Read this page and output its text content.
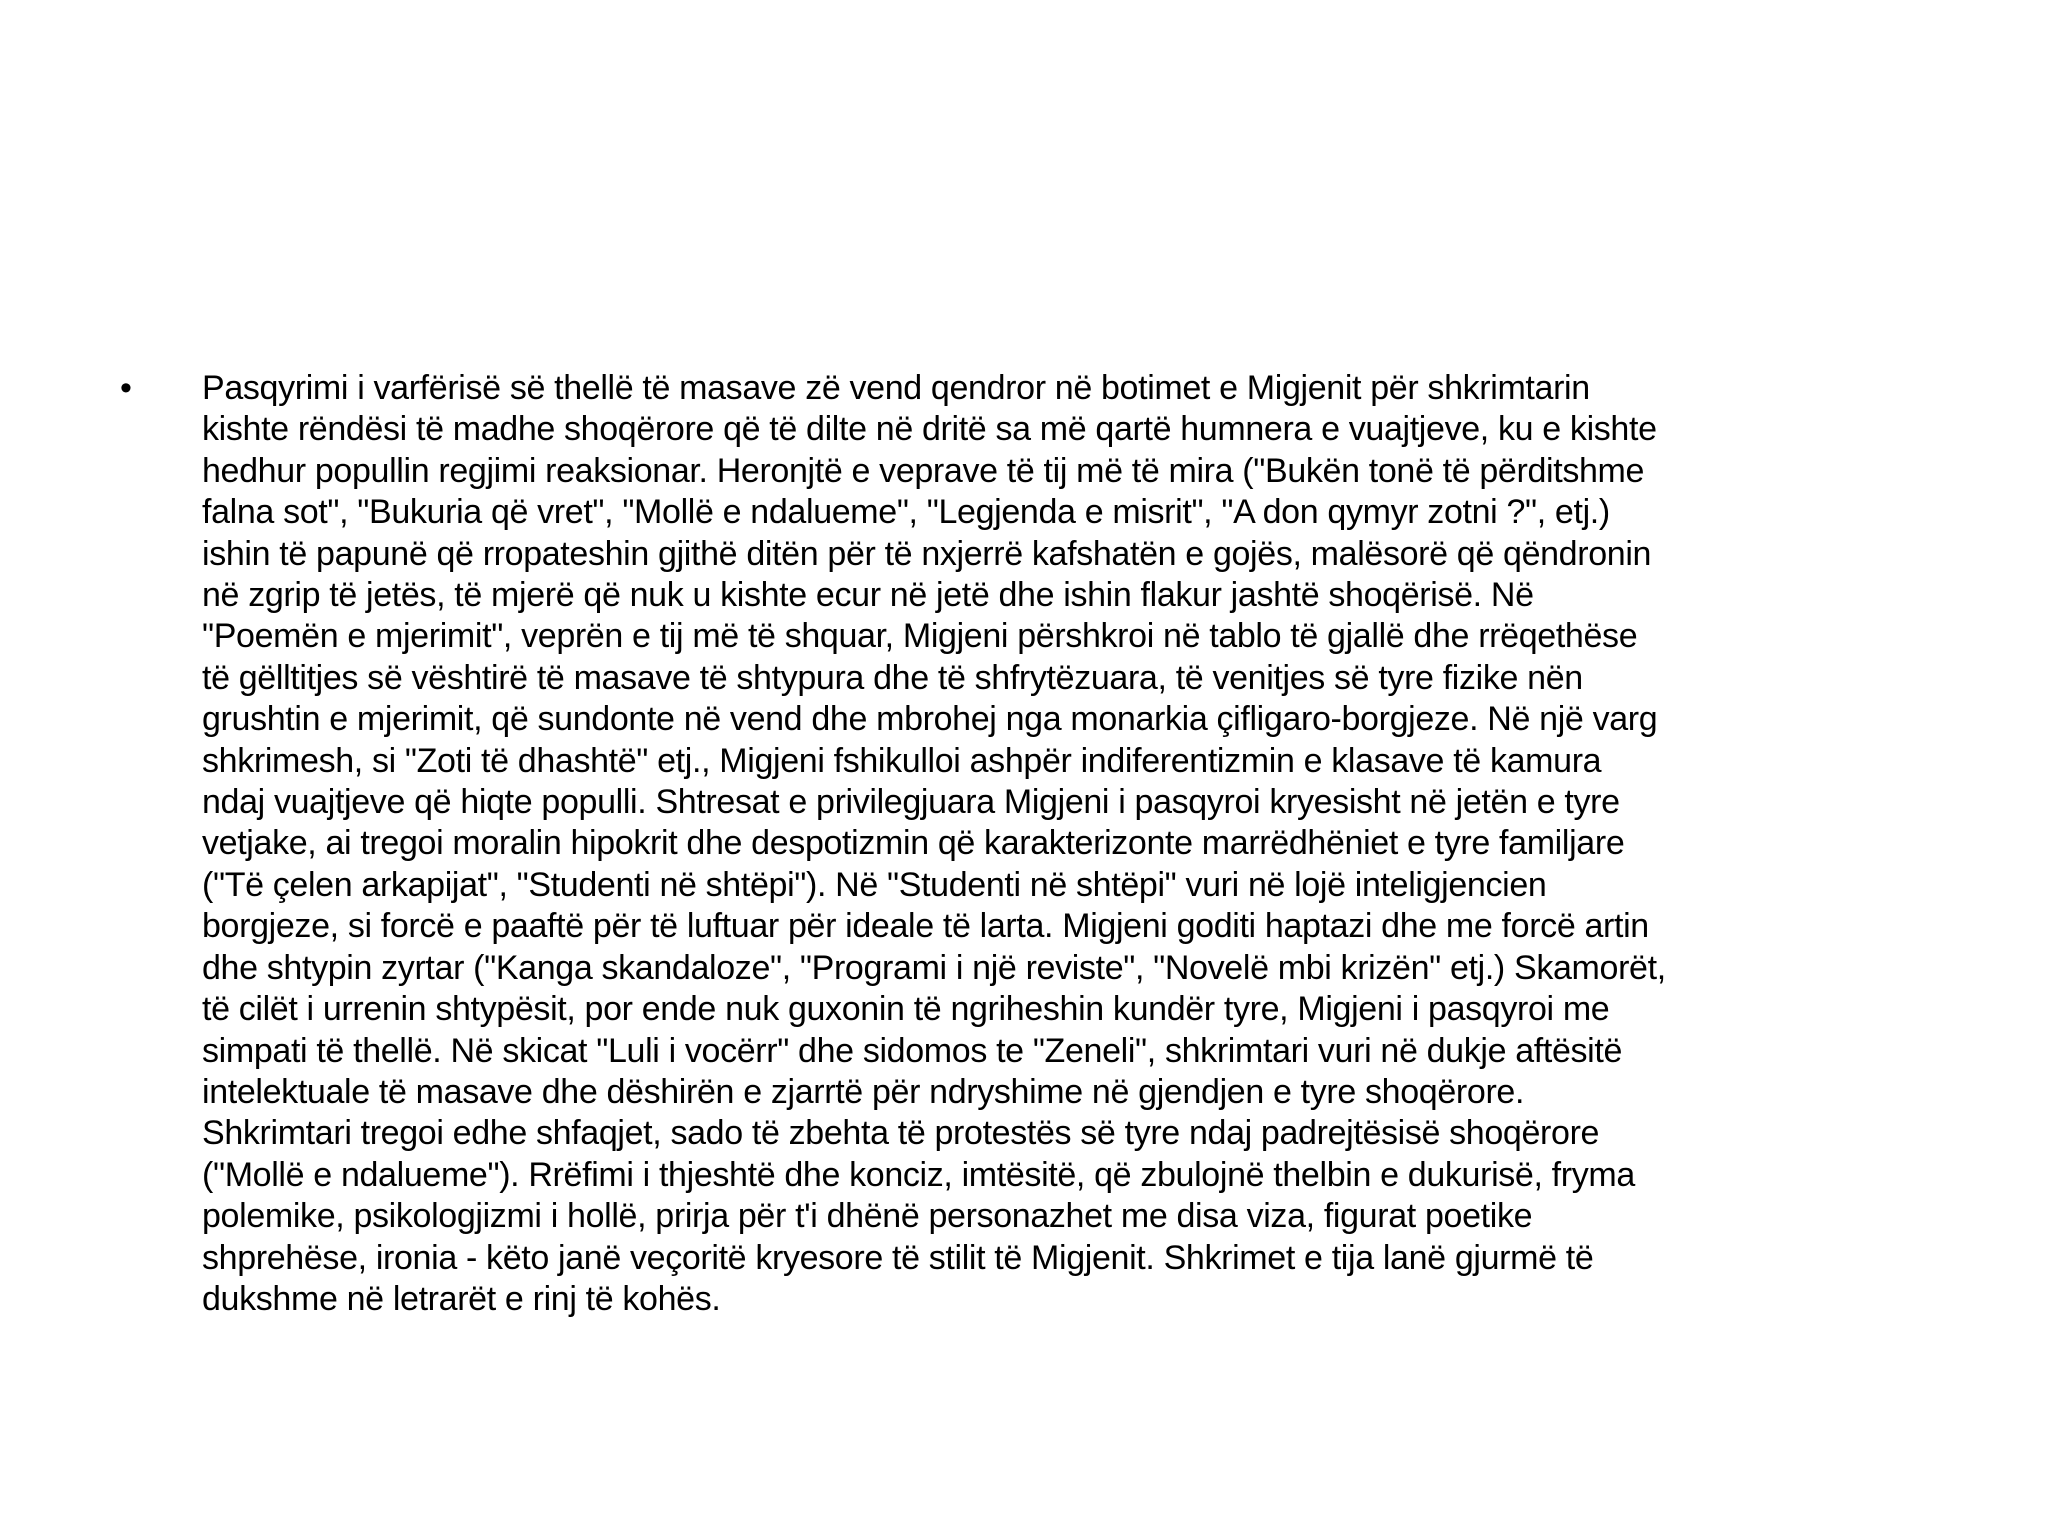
• Pasqyrimi i varfërisë së thellë të masave zë vend qendror në botimet e Migjenit për shkrimtarin
kishte rëndësi të madhe shoqërore që të dilte në dritë sa më qartë humnera e vuajtjeve, ku e kishte
hedhur popullin regjimi reaksionar. Heronjtë e veprave të tij më të mira ("Bukën tonë të përditshme
falna sot", "Bukuria që vret", "Mollë e ndalueme", "Legjenda e misrit", "A don qymyr zotni ?", etj.)
ishin të papunë që rropateshin gjithë ditën për të nxjerrë kafshatën e gojës, malësorë që qëndronin
në zgrip të jetës, të mjerë që nuk u kishte ecur në jetë dhe ishin flakur jashtë shoqërisë. Në
"Poemën e mjerimit", veprën e tij më të shquar, Migjeni përshkroi në tablo të gjallë dhe rrëqethëse
të gëlltitjes së vështirë të masave të shtypura dhe të shfrytëzuara, të venitjes së tyre fizike nën
grushtin e mjerimit, që sundonte në vend dhe mbrohej nga monarkia çifligaro-borgjeze. Në një varg
shkrimesh, si "Zoti të dhashtë" etj., Migjeni fshikulloi ashpër indiferentizmin e klasave të kamura
ndaj vuajtjeve që hiqte populli. Shtresat e privilegjuara Migjeni i pasqyroi kryesisht në jetën e tyre
vetjake, ai tregoi moralin hipokrit dhe despotizmin që karakterizonte marrëdhëniet e tyre familjare
("Të çelen arkapijat", "Studenti në shtëpi"). Në "Studenti në shtëpi" vuri në lojë inteligjencien
borgjeze, si forcë e paaftë për të luftuar për ideale të larta. Migjeni goditi haptazi dhe me forcë artin
dhe shtypin zyrtar ("Kanga skandaloze", "Programi i një reviste", "Novelë mbi krizën" etj.) Skamorët,
të cilët i urrenin shtypësit, por ende nuk guxonin të ngriheshin kundër tyre, Migjeni i pasqyroi me
simpati të thellë. Në skicat "Luli i vocërr" dhe sidomos te "Zeneli", shkrimtari vuri në dukje aftësitë
intelektuale të masave dhe dëshirën e zjarrtë për ndryshime në gjendjen e tyre shoqërore.
Shkrimtari tregoi edhe shfaqjet, sado të zbehta të protestës së tyre ndaj padrejtësisë shoqërore
("Mollë e ndalueme"). Rrëfimi i thjeshtë dhe konciz, imtësitë, që zbulojnë thelbin e dukurisë, fryma
polemike, psikologjizmi i hollë, prirja për t'i dhënë personazhet me disa viza, figurat poetike
shprehëse, ironia - këto janë veçoritë kryesore të stilit të Migjenit. Shkrimet e tija lanë gjurmë të
dukshme në letrarët e rinj të kohës.
